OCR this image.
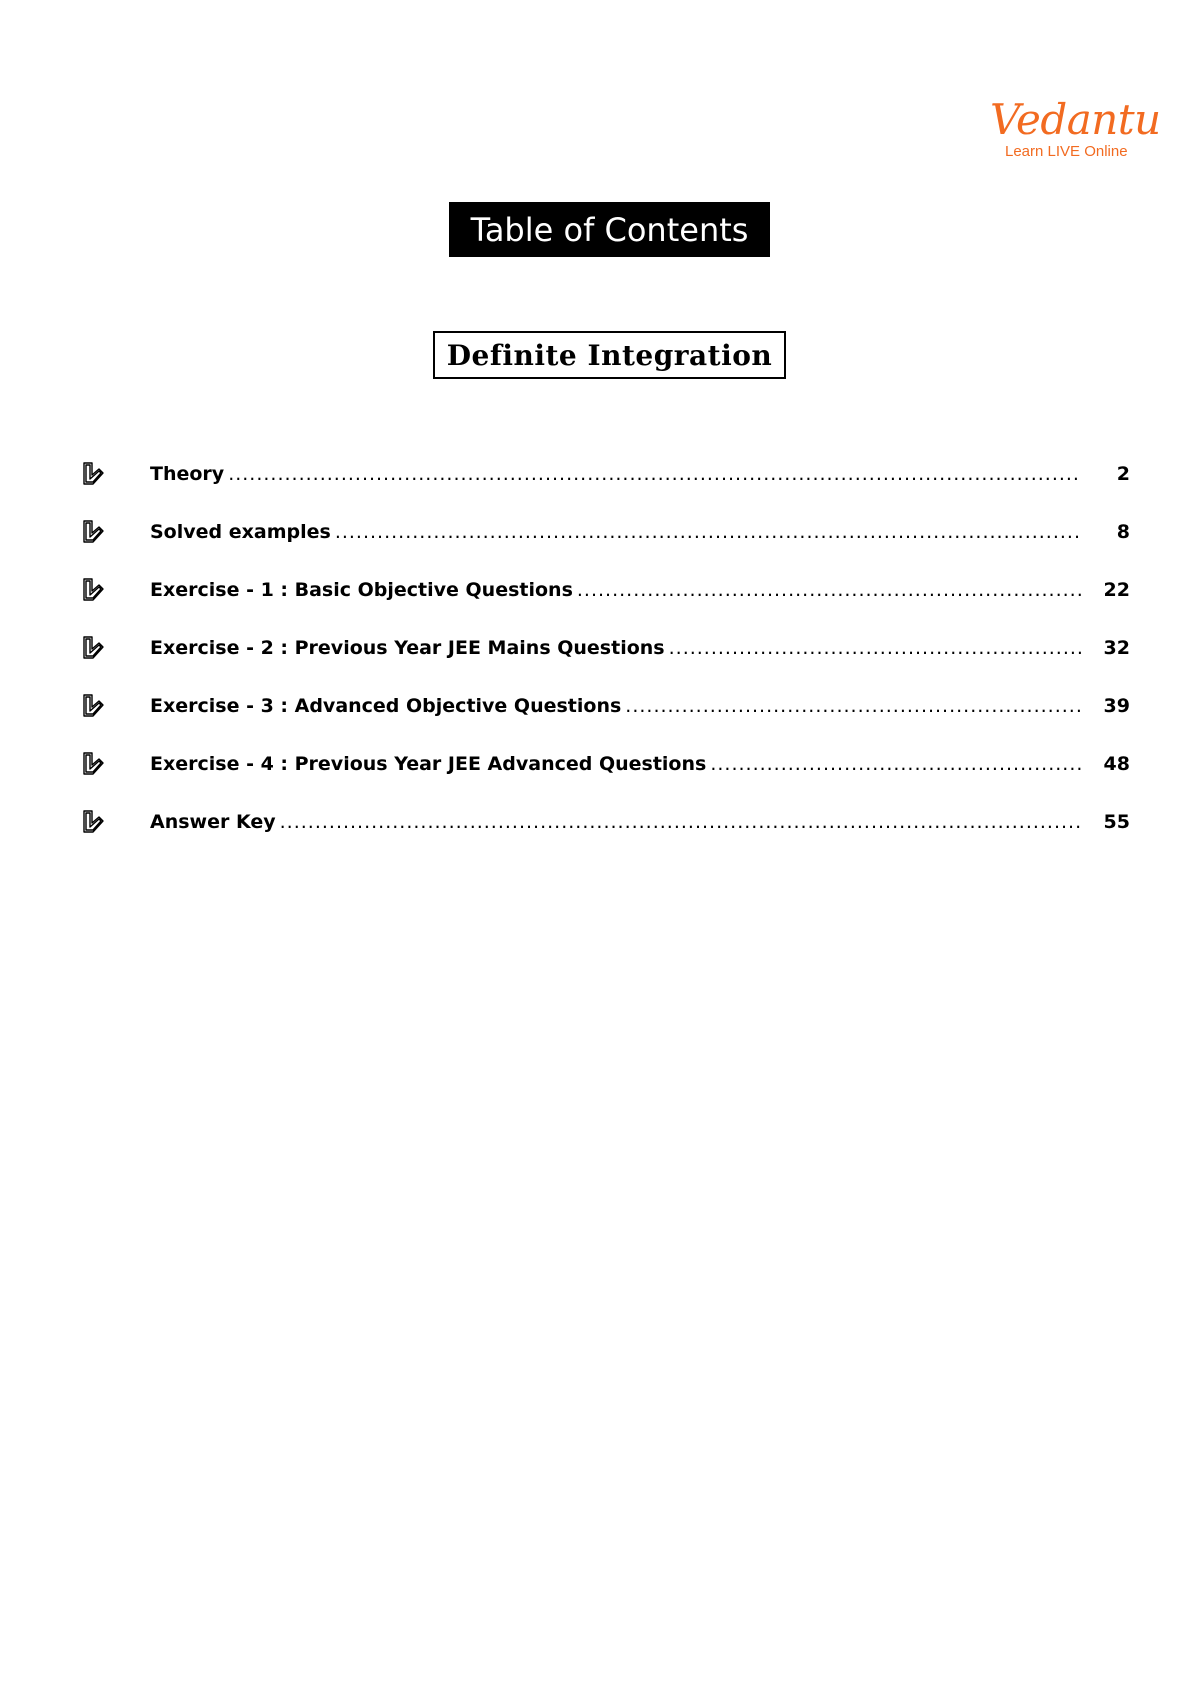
Vedantu
Learn LIVE Online
Table of Contents
Definite Integration
Theory .....	2
Solved examples .....	8
Exercise - 1 : Basic Objective Questions .....	22
Exercise - 2 : Previous Year JEE Mains Questions .....	32
Exercise - 3 : Advanced Objective Questions .....	39
Exercise - 4 : Previous Year JEE Advanced Questions .....	48
Answer Key .....	55
